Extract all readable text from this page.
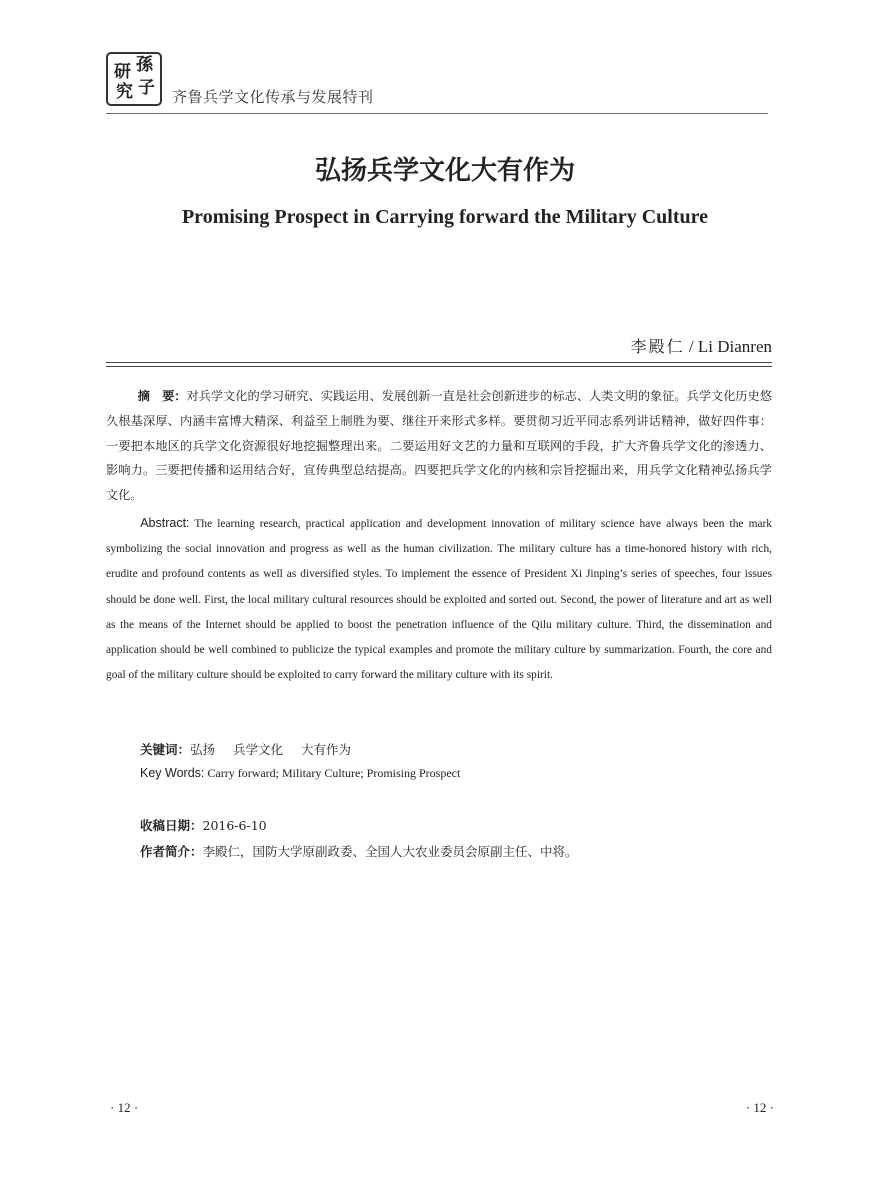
孫
研
子
究	齐鲁兵学文化传承与发展特刊
弘扬兵学文化大有作为
Promising Prospect in Carrying forward the Military Culture
李殿仁 / Li Dianren

摘　要：对兵学文化的学习研究、实践运用、发展创新一直是社会创新进步的标志、人类文明的象征。兵学文化历史悠久根基深厚、内涵丰富博大精深、利益至上制胜为要、继往开来形式多样。要贯彻习近平同志系列讲话精神，做好四件事：一要把本地区的兵学文化资源很好地挖掘整理出来。二要运用好文艺的力量和互联网的手段，扩大齐鲁兵学文化的渗透力、影响力。三要把传播和运用结合好，宣传典型总结提高。四要把兵学文化的内核和宗旨挖掘出来，用兵学文化精神弘扬兵学文化。

Abstract: The learning research, practical application and development innovation of military science have always been the mark symbolizing the social innovation and progress as well as the human civilization. The military culture has a time-honored history with rich, erudite and profound contents as well as diversified styles. To implement the essence of President Xi Jinping’s series of speeches, four issues should be done well. First, the local military cultural resources should be exploited and sorted out. Second, the power of literature and art as well as the means of the Internet should be applied to boost the penetration influence of the Qilu military culture. Third, the dissemination and application should be well combined to publicize the typical examples and promote the military culture by summarization. Fourth, the core and goal of the military culture should be exploited to carry forward the military culture with its spirit.

关键词：弘扬 兵学文化 大有作为

Key Words: Carry forward; Military Culture; Promising Prospect

收稿日期：2016-6-10

作者简介：李殿仁，国防大学原副政委、全国人大农业委员会原副主任、中将。

· 12 ·	· 12 ·
